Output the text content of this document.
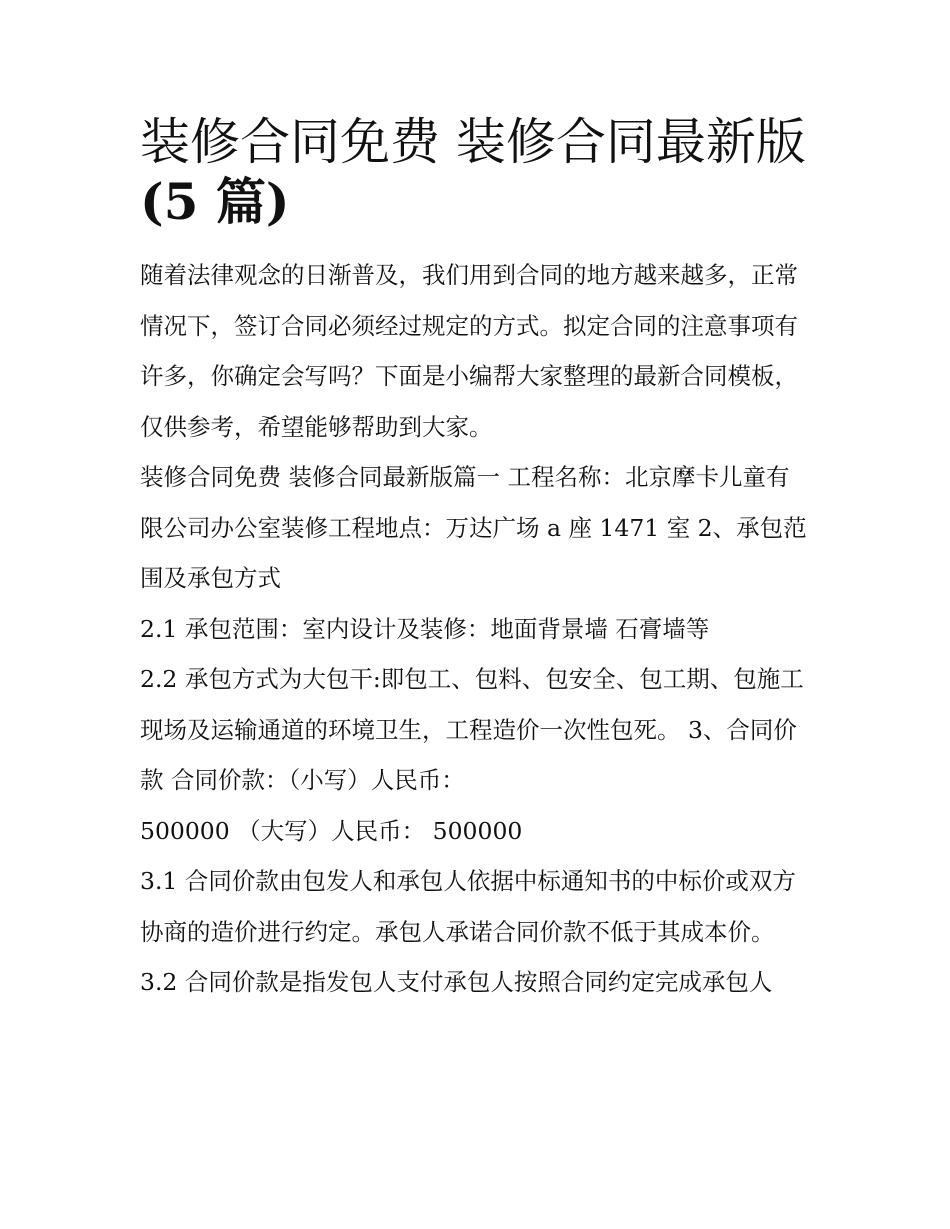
装修合同免费 装修合同最新版
(5 篇)

随着法律观念的日渐普及，我们用到合同的地方越来越多，正常情况下，签订合同必须经过规定的方式。拟定合同的注意事项有许多，你确定会写吗？下面是小编帮大家整理的最新合同模板，仅供参考，希望能够帮助到大家。

装修合同免费 装修合同最新版篇一 工程名称：北京摩卡儿童有限公司办公室装修工程地点：万达广场 a 座 1471 室 2、承包范围及承包方式

2.1 承包范围：室内设计及装修：地面背景墙 石膏墙等

2.2 承包方式为大包干:即包工、包料、包安全、包工期、包施工现场及运输通道的环境卫生，工程造价一次性包死。 3、合同价款 合同价款：（小写）人民币：

500000 （大写）人民币： 500000

3.1 合同价款由包发人和承包人依据中标通知书的中标价或双方协商的造价进行约定。承包人承诺合同价款不低于其成本价。

3.2 合同价款是指发包人支付承包人按照合同约定完成承包人
